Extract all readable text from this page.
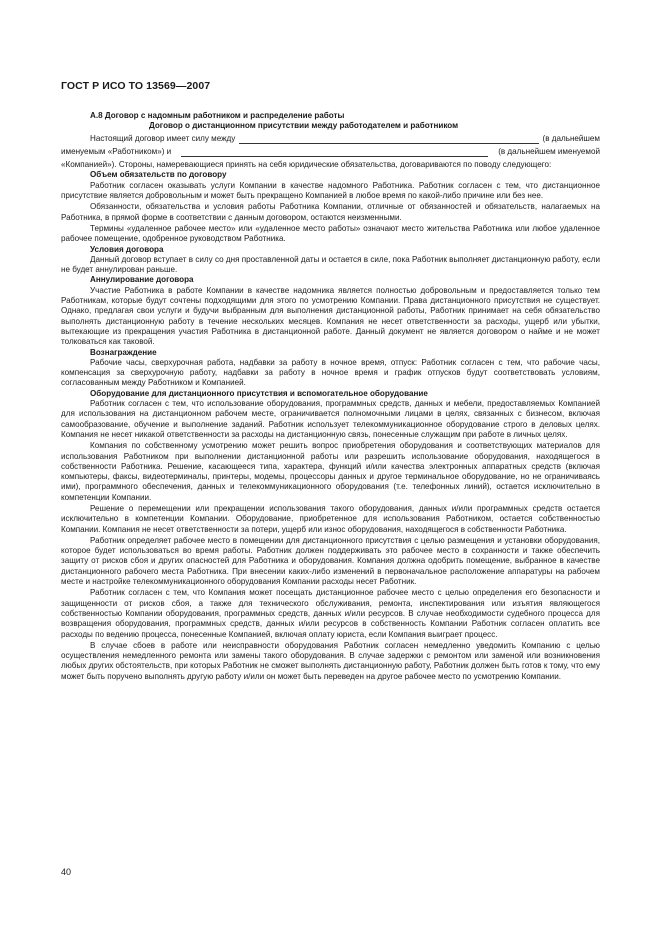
ГОСТ Р ИСО ТО 13569—2007

А.8 Договор с надомным работником и распределение работы

Договор о дистанционном присутствии между работодателем и работником

Настоящий договор имеет силу между	(в дальнейшем
именуемым «Работником») и	(в дальнейшем именуемой

«Компанией»). Стороны, намеревающиеся принять на себя юридические обязательства, договариваются по поводу следующего:

Объем обязательств по договору

Работник согласен оказывать услуги Компании в качестве надомного Работника. Работник согласен с тем, что дистанционное присутствие является добровольным и может быть прекращено Компанией в любое время по какой-либо причине или без нее.

Обязанности, обязательства и условия работы Работника Компании, отличные от обязанностей и обязательств, налагаемых на Работника, в прямой форме в соответствии с данным договором, остаются неизменными.

Термины «удаленное рабочее место» или «удаленное место работы» означают место жительства Работника или любое удаленное рабочее помещение, одобренное руководством Работника.

Условия договора

Данный договор вступает в силу со дня проставленной даты и остается в силе, пока Работник выполняет дистанционную работу, если не будет аннулирован раньше.

Аннулирование договора

Участие Работника в работе Компании в качестве надомника является полностью добровольным и предоставляется только тем Работникам, которые будут сочтены подходящими для этого по усмотрению Компании. Права дистанционного присутствия не существует. Однако, предлагая свои услуги и будучи выбранным для выполнения дистанционной работы, Работник принимает на себя обязательство выполнять дистанционную работу в течение нескольких месяцев. Компания не несет ответственности за расходы, ущерб или убытки, вытекающие из прекращения участия Работника в дистанционной работе. Данный документ не является договором о найме и не может толковаться как таковой.

Вознаграждение

Рабочие часы, сверхурочная работа, надбавки за работу в ночное время, отпуск: Работник согласен с тем, что рабочие часы, компенсация за сверхурочную работу, надбавки за работу в ночное время и график отпусков будут соответствовать условиям, согласованным между Работником и Компанией.

Оборудование для дистанционного присутствия и вспомогательное оборудование

Работник согласен с тем, что использование оборудования, программных средств, данных и мебели, предоставляемых Компанией для использования на дистанционном рабочем месте, ограничивается полномочными лицами в целях, связанных с бизнесом, включая самообразование, обучение и выполнение заданий. Работник использует телекоммуникационное оборудование строго в деловых целях. Компания не несет никакой ответственности за расходы на дистанционную связь, понесенные служащим при работе в личных целях.

Компания по собственному усмотрению может решить вопрос приобретения оборудования и соответствующих материалов для использования Работником при выполнении дистанционной работы или разрешить использование оборудования, находящегося в собственности Работника. Решение, касающееся типа, характера, функций и/или качества электронных аппаратных средств (включая компьютеры, факсы, видеотерминалы, принтеры, модемы, процессоры данных и другое терминальное оборудование, но не ограничиваясь ими), программного обеспечения, данных и телекоммуникационного оборудования (т.е. телефонных линий), остается исключительно в компетенции Компании.

Решение о перемещении или прекращении использования такого оборудования, данных и/или программных средств остается исключительно в компетенции Компании. Оборудование, приобретенное для использования Работником, остается собственностью Компании. Компания не несет ответственности за потери, ущерб или износ оборудования, находящегося в собственности Работника.

Работник определяет рабочее место в помещении для дистанционного присутствия с целью размещения и установки оборудования, которое будет использоваться во время работы. Работник должен поддерживать это рабочее место в сохранности и также обеспечить защиту от рисков сбоя и других опасностей для Работника и оборудования. Компания должна одобрить помещение, выбранное в качестве дистанционного рабочего места Работника. При внесении каких-либо изменений в первоначальное расположение аппаратуры на рабочем месте и настройке телекоммуникационного оборудования Компании расходы несет Работник.

Работник согласен с тем, что Компания может посещать дистанционное рабочее место с целью определения его безопасности и защищенности от рисков сбоя, а также для технического обслуживания, ремонта, инспектирования или изъятия являющегося собственностью Компании оборудования, программных средств, данных и/или ресурсов. В случае необходимости судебного процесса для возвращения оборудования, программных средств, данных и/или ресурсов в собственность Компании Работник согласен оплатить все расходы по ведению процесса, понесенные Компанией, включая оплату юриста, если Компания выиграет процесс.

В случае сбоев в работе или неисправности оборудования Работник согласен немедленно уведомить Компанию с целью осуществления немедленного ремонта или замены такого оборудования. В случае задержки с ремонтом или заменой или возникновения любых других обстоятельств, при которых Работник не сможет выполнять дистанционную работу, Работник должен быть готов к тому, что ему может быть поручено выполнять другую работу и/или он может быть переведен на другое рабочее место по усмотрению Компании.

40
